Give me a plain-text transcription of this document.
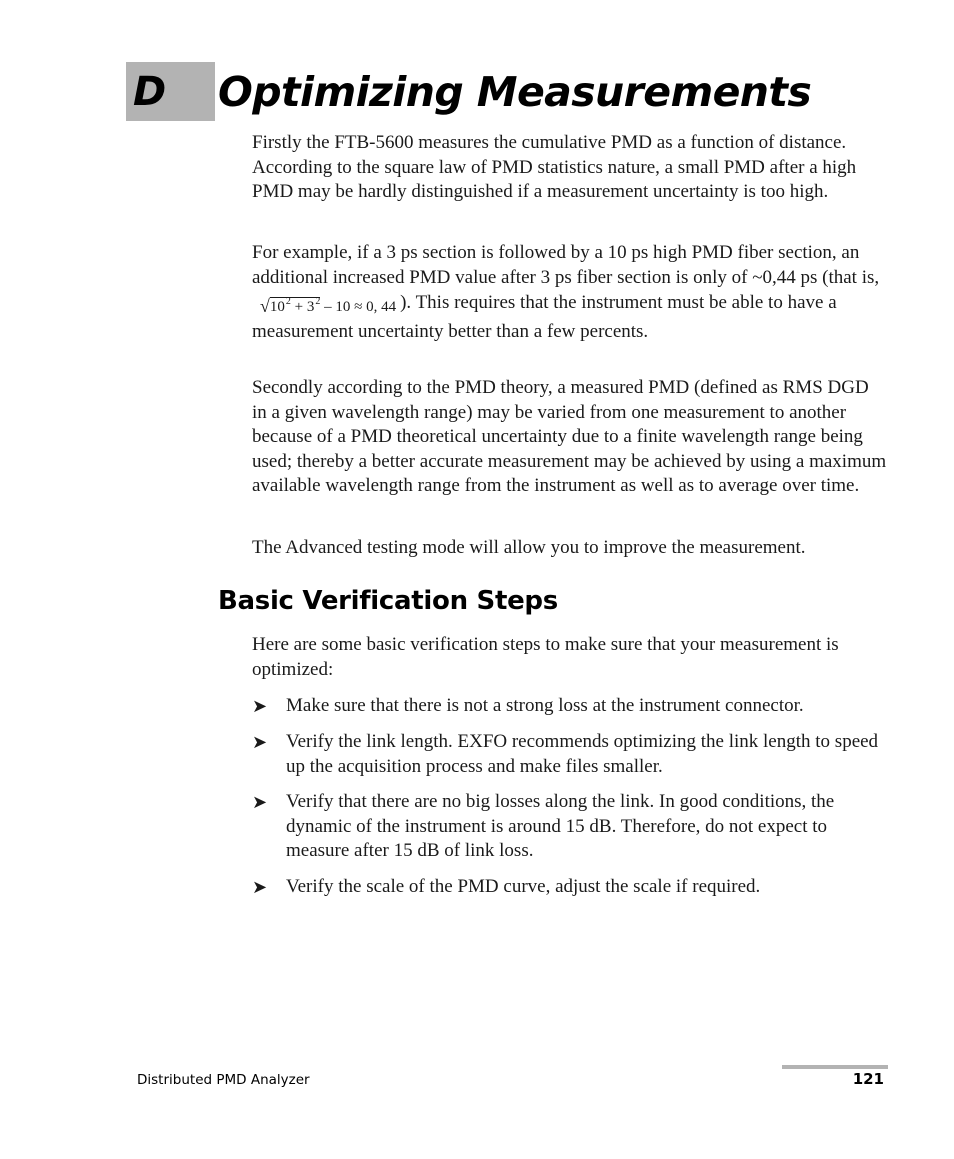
D Optimizing Measurements

Firstly the FTB-5600 measures the cumulative PMD as a function of distance. According to the square law of PMD statistics nature, a small PMD after a high PMD may be hardly distinguished if a measurement uncertainty is too high.

For example, if a 3 ps section is followed by a 10 ps high PMD fiber section, an additional increased PMD value after 3 ps fiber section is only of ~0,44 ps (that $is,√10^2 + 3^2 - 10 \approx 0$, 44 ). This requires that the instrument must be able to have a measurement uncertainty better than a few percents.

Secondly according to the PMD theory, a measured PMD (defined as RMS DGD in a given wavelength range) may be varied from one measurement to another because of a PMD theoretical uncertainty due to a finite wavelength range being used; thereby a better accurate measurement may be achieved by using a maximum available wavelength range from the instrument as well as to average over time.

The Advanced testing mode will allow you to improve the measurement.

Basic Verification Steps

Here are some basic verification steps to make sure that your measurement is optimized:

➤ Make sure that there is not a strong loss at the instrument connector.
➤ Verify the link length. EXFO recommends optimizing the link length to speed up the acquisition process and make files smaller.
➤ Verify that there are no big losses along the link. In good conditions, the dynamic of the instrument is around 15 dB. Therefore, do not expect to measure after 15 dB of link loss.
➤ Verify the scale of the PMD curve, adjust the scale if required.
Distributed PMD Analyzer	121
